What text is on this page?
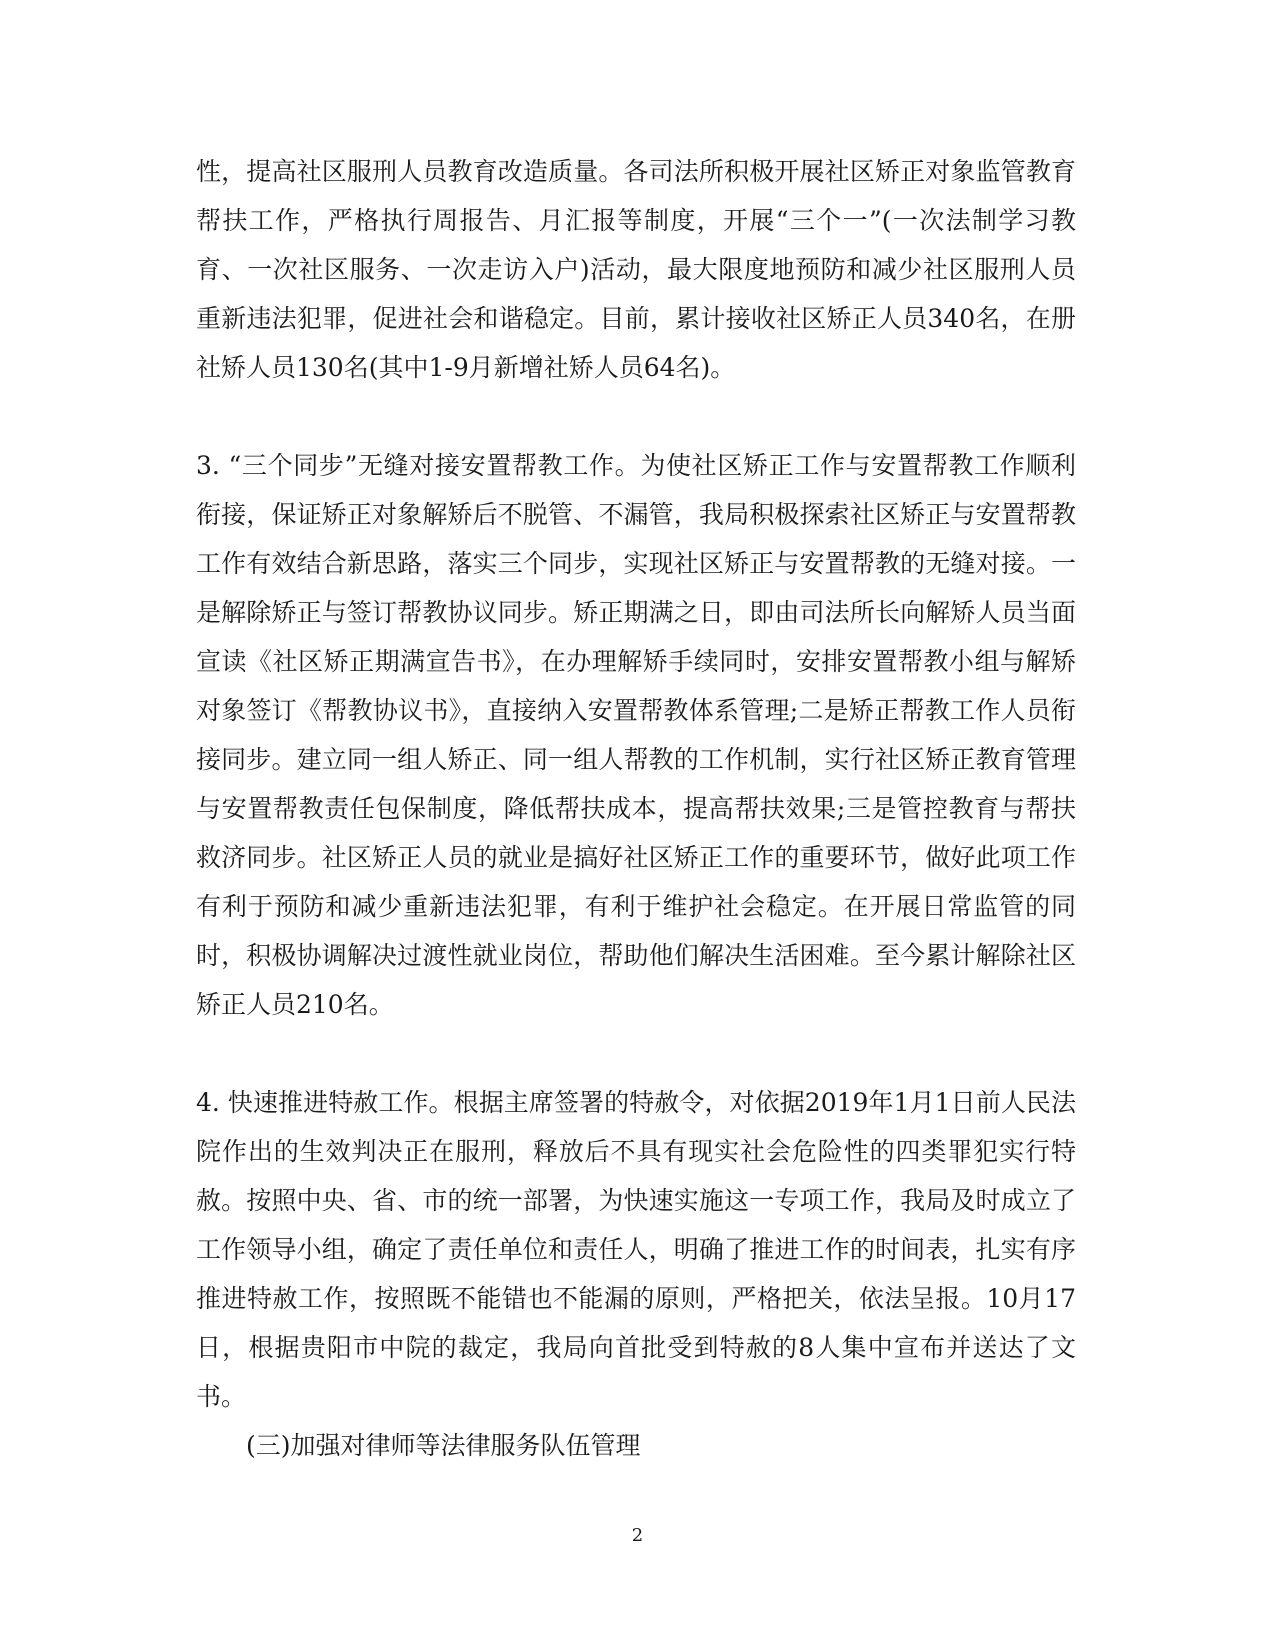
性，提高社区服刑人员教育改造质量。各司法所积极开展社区矫正对象监管教育帮扶工作，严格执行周报告、月汇报等制度，开展“三个一”(一次法制学习教育、一次社区服务、一次走访入户)活动，最大限度地预防和减少社区服刑人员重新违法犯罪，促进社会和谐稳定。目前，累计接收社区矫正人员340名，在册社矫人员130名(其中1-9月新增社矫人员64名)。

3. “三个同步”无缝对接安置帮教工作。为使社区矫正工作与安置帮教工作顺利衔接，保证矫正对象解矫后不脱管、不漏管，我局积极探索社区矫正与安置帮教工作有效结合新思路，落实三个同步，实现社区矫正与安置帮教的无缝对接。一是解除矫正与签订帮教协议同步。矫正期满之日，即由司法所长向解矫人员当面宣读《社区矫正期满宣告书》，在办理解矫手续同时，安排安置帮教小组与解矫对象签订《帮教协议书》，直接纳入安置帮教体系管理;二是矫正帮教工作人员衔接同步。建立同一组人矫正、同一组人帮教的工作机制，实行社区矫正教育管理与安置帮教责任包保制度，降低帮扶成本，提高帮扶效果;三是管控教育与帮扶救济同步。社区矫正人员的就业是搞好社区矫正工作的重要环节，做好此项工作有利于预防和减少重新违法犯罪，有利于维护社会稳定。在开展日常监管的同时，积极协调解决过渡性就业岗位，帮助他们解决生活困难。至今累计解除社区矫正人员210名。

4. 快速推进特赦工作。根据主席签署的特赦令，对依据2019年1月1日前人民法院作出的生效判决正在服刑，释放后不具有现实社会危险性的四类罪犯实行特赦。按照中央、省、市的统一部署，为快速实施这一专项工作，我局及时成立了工作领导小组，确定了责任单位和责任人，明确了推进工作的时间表，扎实有序推进特赦工作，按照既不能错也不能漏的原则，严格把关，依法呈报。10月17日，根据贵阳市中院的裁定，我局向首批受到特赦的8人集中宣布并送达了文书。

(三)加强对律师等法律服务队伍管理

2
